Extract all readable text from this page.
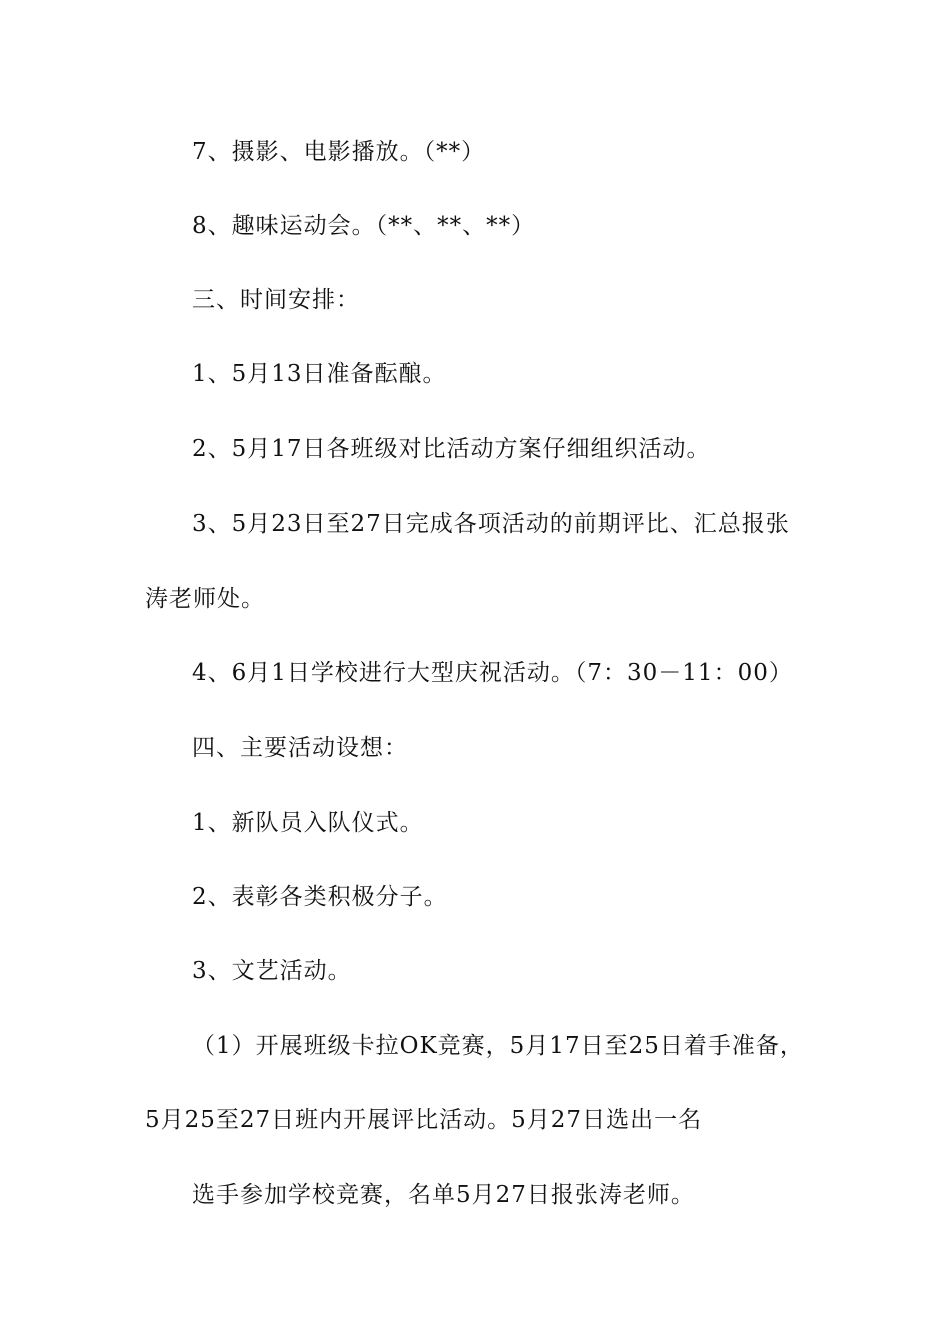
7、摄影、电影播放。（**）
8、趣味运动会。（**、**、**）
三、时间安排：
1、5月13日准备酝酿。
2、5月17日各班级对比活动方案仔细组织活动。
3、5月23日至27日完成各项活动的前期评比、汇总报张
涛老师处。
4、6月1日学校进行大型庆祝活动。（7：30－11：00）
四、主要活动设想：
1、新队员入队仪式。
2、表彰各类积极分子。
3、文艺活动。
（1）开展班级卡拉OK竞赛，5月17日至25日着手准备，
5月25至27日班内开展评比活动。5月27日选出一名
选手参加学校竞赛，名单5月27日报张涛老师。
